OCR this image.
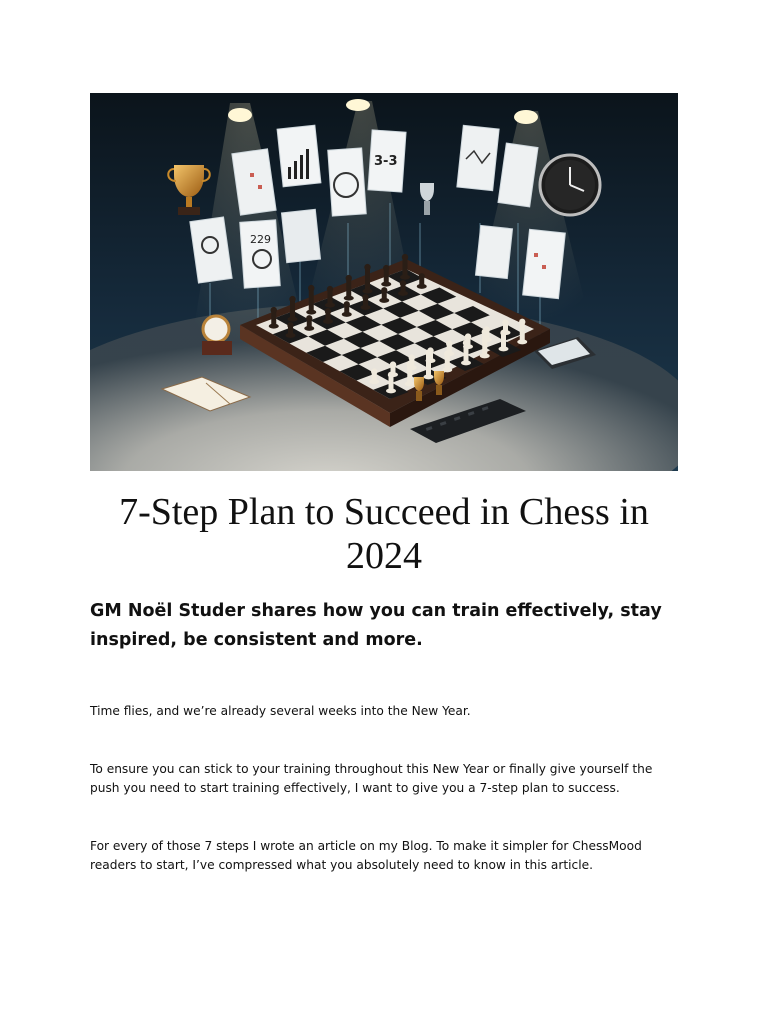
3-3
229
7-Step Plan to Succeed in Chess in 2024

GM Noël Studer shares how you can train effectively, stay inspired, be consistent and more.

Time flies, and we’re already several weeks into the New Year.

To ensure you can stick to your training throughout this New Year or finally give yourself the push you need to start training effectively, I want to give you a 7-step plan to success.

For every of those 7 steps I wrote an article on my Blog. To make it simpler for ChessMood readers to start, I’ve compressed what you absolutely need to know in this article.
